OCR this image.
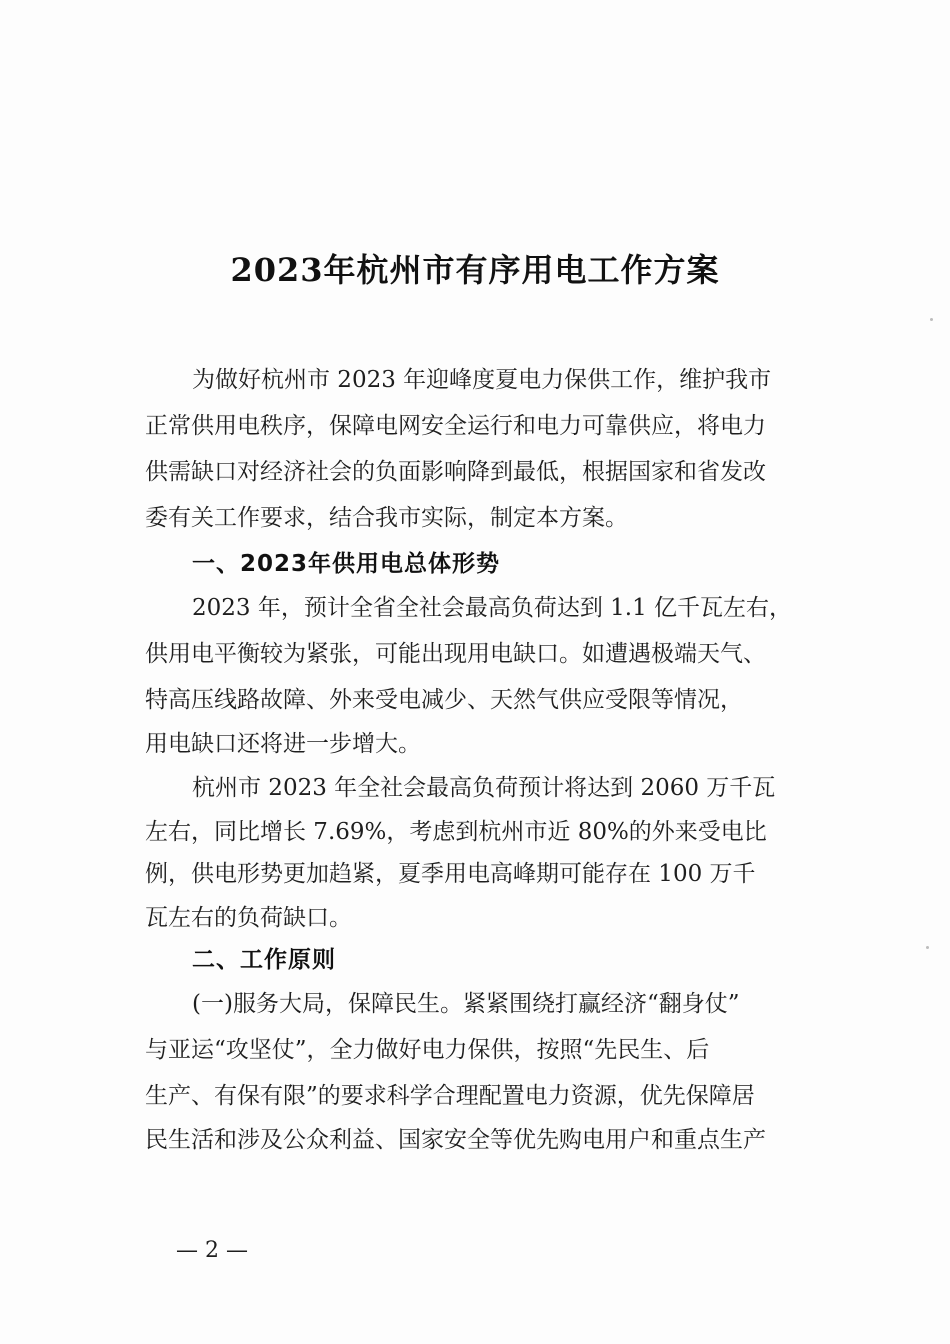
2023年杭州市有序用电工作方案
为做好杭州市 2023 年迎峰度夏电力保供工作，维护我市
正常供用电秩序，保障电网安全运行和电力可靠供应，将电力
供需缺口对经济社会的负面影响降到最低，根据国家和省发改
委有关工作要求，结合我市实际，制定本方案。
一、2023年供用电总体形势
2023 年，预计全省全社会最高负荷达到 1.1 亿千瓦左右，
供用电平衡较为紧张，可能出现用电缺口。如遭遇极端天气、
特高压线路故障、外来受电减少、天然气供应受限等情况，
用电缺口还将进一步增大。
杭州市 2023 年全社会最高负荷预计将达到 2060 万千瓦
左右，同比增长 7.69%，考虑到杭州市近 80%的外来受电比
例，供电形势更加趋紧，夏季用电高峰期可能存在 100 万千
瓦左右的负荷缺口。
二、工作原则
(一)服务大局，保障民生。紧紧围绕打赢经济“翻身仗”
与亚运“攻坚仗”，全力做好电力保供，按照“先民生、后
生产、有保有限”的要求科学合理配置电力资源，优先保障居
民生活和涉及公众利益、国家安全等优先购电用户和重点生产
— 2 —
